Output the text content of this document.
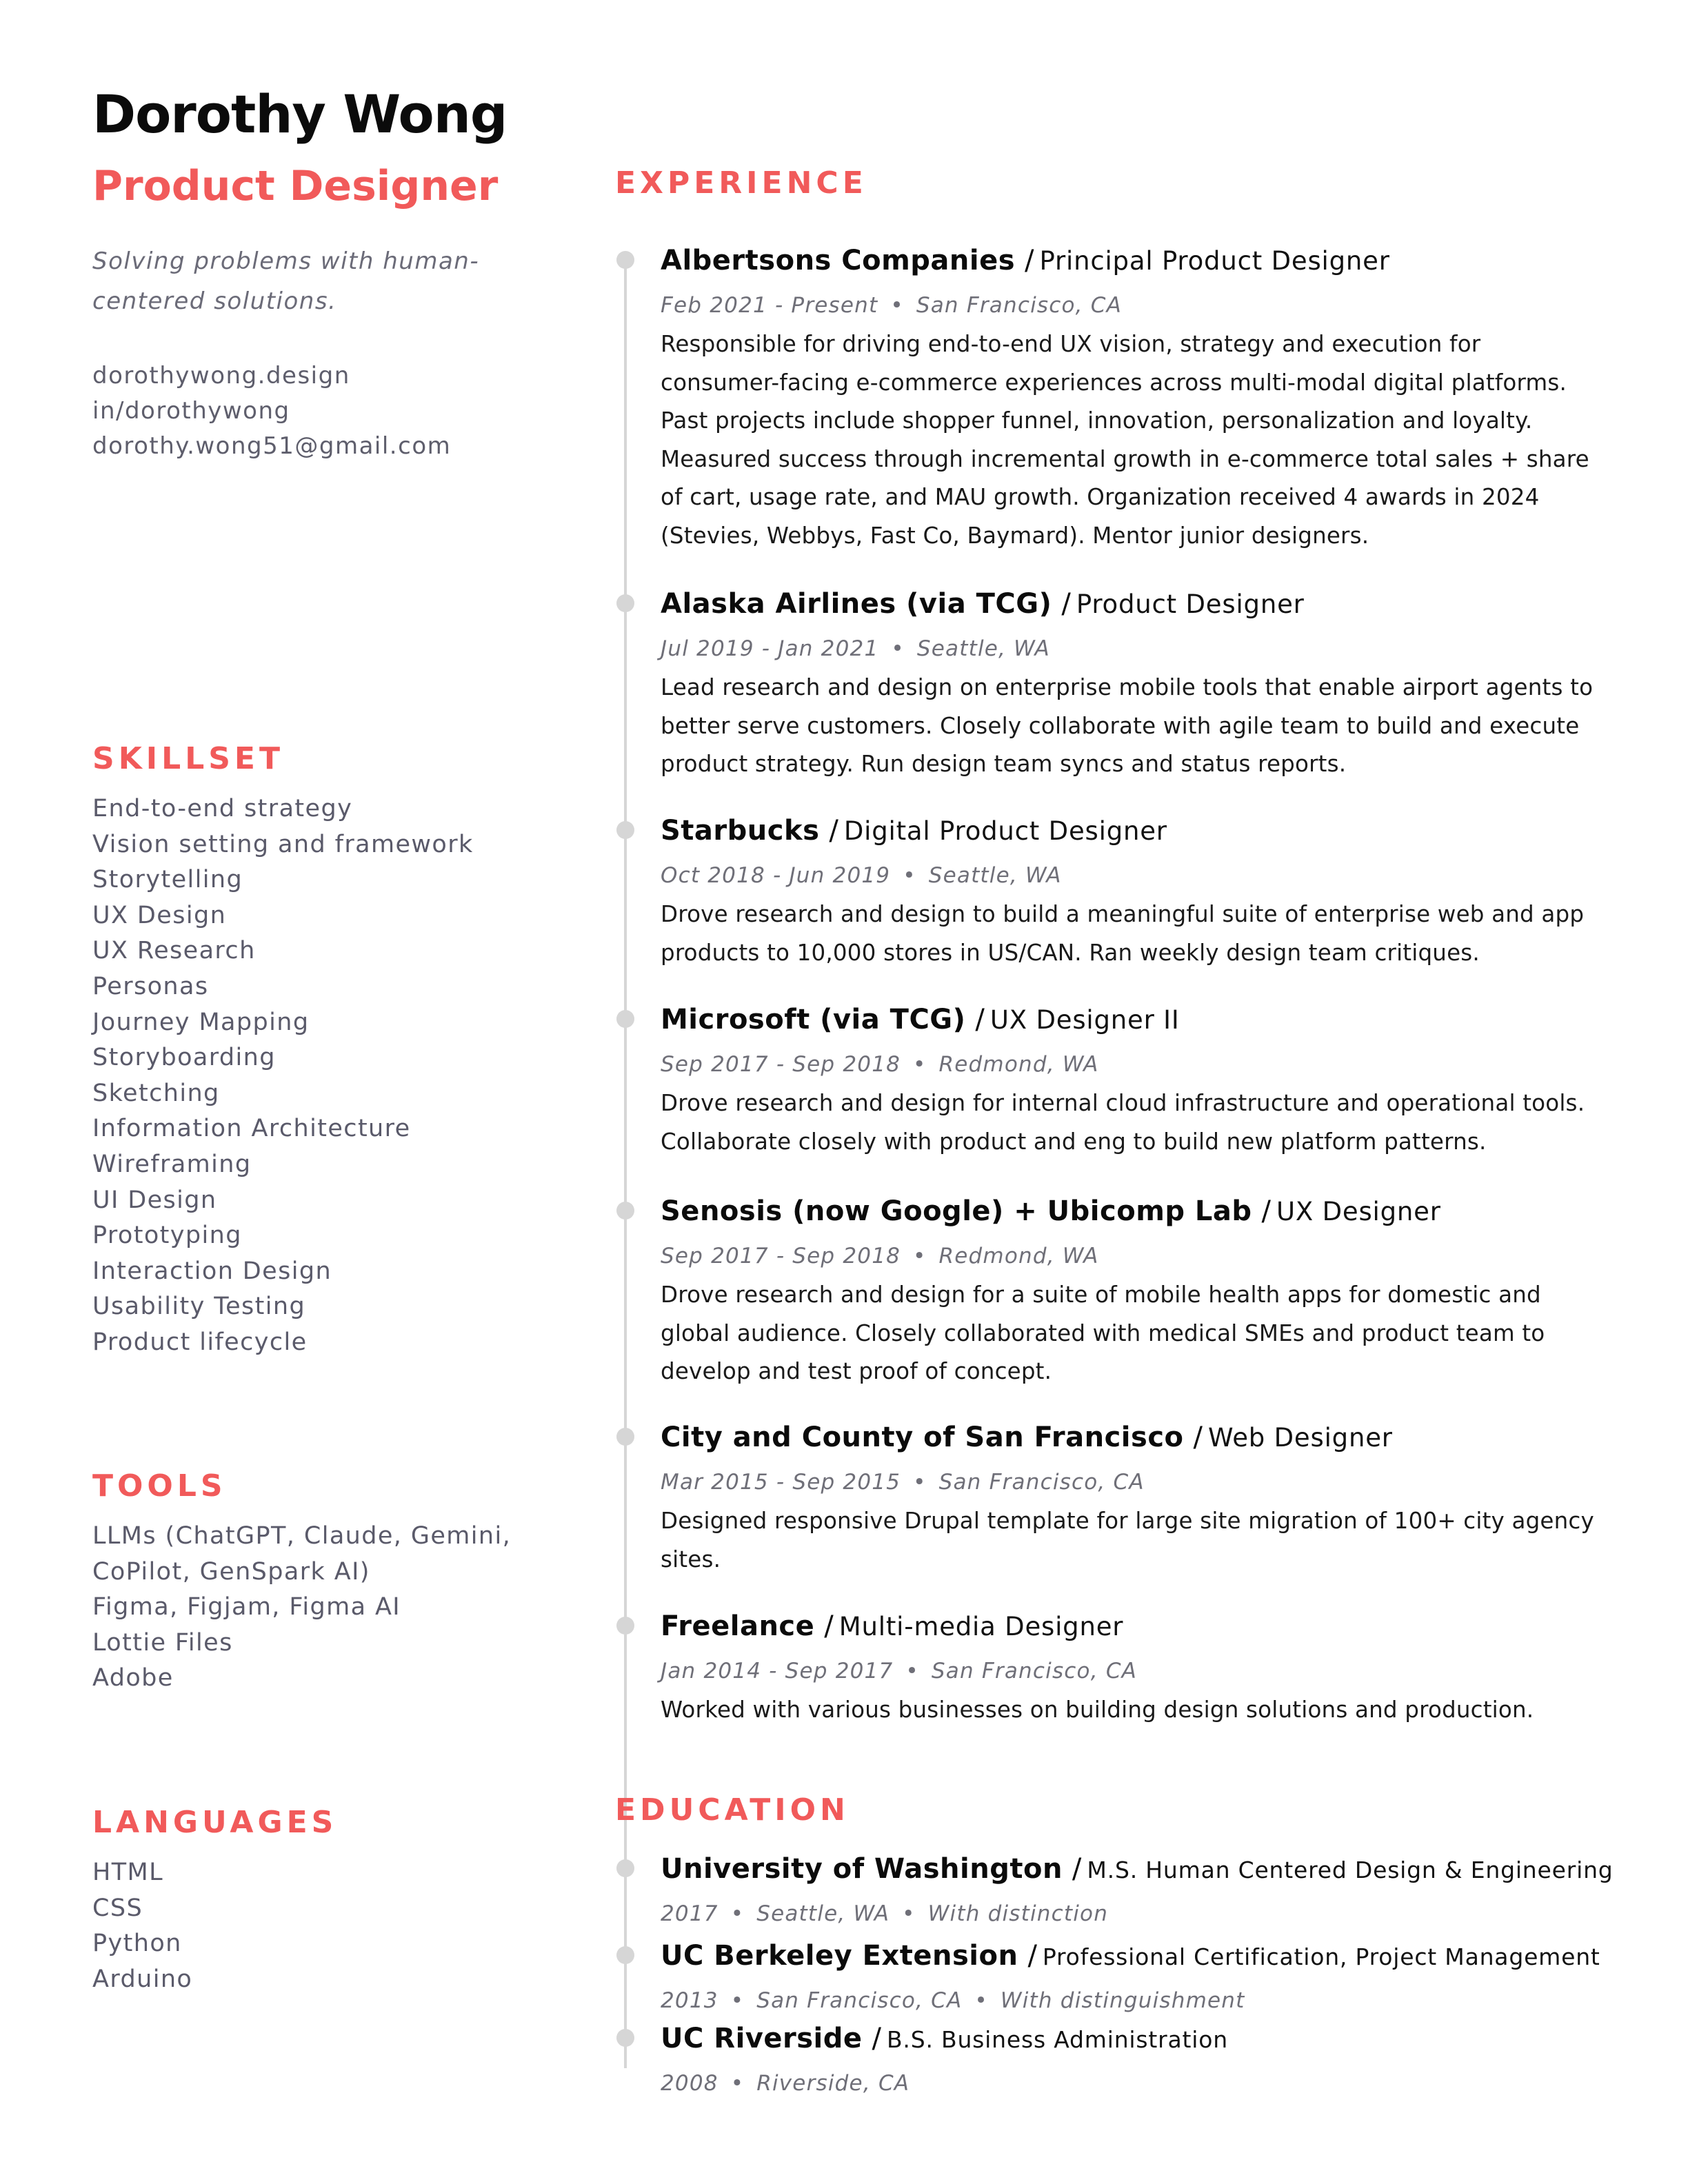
Dorothy Wong
Product Designer
Solving problems with human-centered solutions.
dorothywong.design
in/dorothywong
dorothy.wong51@gmail.com
SKILLSET
End-to-end strategy
Vision setting and framework
Storytelling
UX Design
UX Research
Personas
Journey Mapping
Storyboarding
Sketching
Information Architecture
Wireframing
UI Design
Prototyping
Interaction Design
Usability Testing
Product lifecycle
TOOLS
LLMs (ChatGPT, Claude, Gemini,
CoPilot, GenSpark AI)
Figma, Figjam, Figma AI
Lottie Files
Adobe
LANGUAGES
HTML
CSS
Python
Arduino
EXPERIENCE
Albertsons Companies / Principal Product Designer
Feb 2021 - Present • San Francisco, CA
Responsible for driving end-to-end UX vision, strategy and execution for consumer-facing e-commerce experiences across multi-modal digital platforms. Past projects include shopper funnel, innovation, personalization and loyalty. Measured success through incremental growth in e-commerce total sales + share of cart, usage rate, and MAU growth. Organization received 4 awards in 2024 (Stevies, Webbys, Fast Co, Baymard). Mentor junior designers.
Alaska Airlines (via TCG) / Product Designer
Jul 2019 - Jan 2021 • Seattle, WA
Lead research and design on enterprise mobile tools that enable airport agents to better serve customers. Closely collaborate with agile team to build and execute product strategy. Run design team syncs and status reports.
Starbucks / Digital Product Designer
Oct 2018 - Jun 2019 • Seattle, WA
Drove research and design to build a meaningful suite of enterprise web and app products to 10,000 stores in US/CAN. Ran weekly design team critiques.
Microsoft (via TCG) / UX Designer II
Sep 2017 - Sep 2018 • Redmond, WA
Drove research and design for internal cloud infrastructure and operational tools. Collaborate closely with product and eng to build new platform patterns.
Senosis (now Google) + Ubicomp Lab / UX Designer
Sep 2017 - Sep 2018 • Redmond, WA
Drove research and design for a suite of mobile health apps for domestic and global audience. Closely collaborated with medical SMEs and product team to develop and test proof of concept.
City and County of San Francisco / Web Designer
Mar 2015 - Sep 2015 • San Francisco, CA
Designed responsive Drupal template for large site migration of 100+ city agency sites.
Freelance / Multi-media Designer
Jan 2014 - Sep 2017 • San Francisco, CA
Worked with various businesses on building design solutions and production.
EDUCATION
University of Washington / M.S. Human Centered Design & Engineering
2017 • Seattle, WA • With distinction
UC Berkeley Extension / Professional Certification, Project Management
2013 • San Francisco, CA • With distinguishment
UC Riverside / B.S. Business Administration
2008 • Riverside, CA
